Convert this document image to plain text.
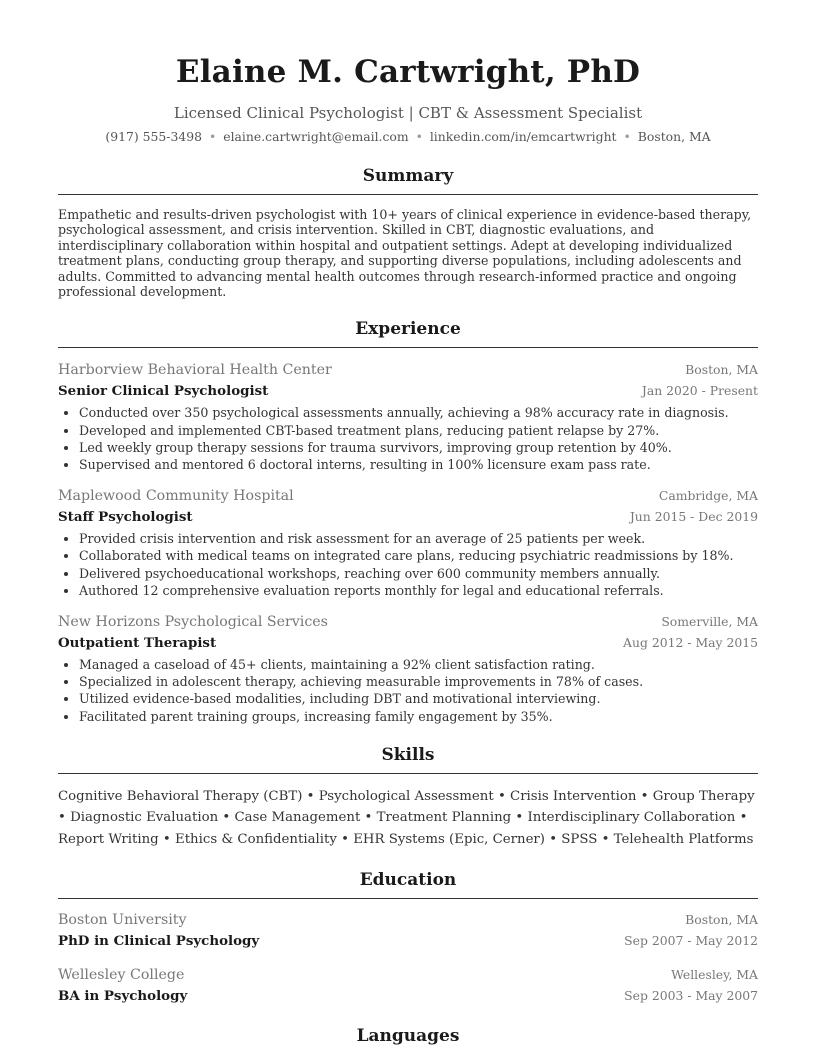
Elaine M. Cartwright, PhD
Licensed Clinical Psychologist | CBT & Assessment Specialist
(917) 555-3498 • elaine.cartwright@email.com • linkedin.com/in/emcartwright • Boston, MA
Summary
Empathetic and results-driven psychologist with 10+ years of clinical experience in evidence-based therapy, psychological assessment, and crisis intervention. Skilled in CBT, diagnostic evaluations, and interdisciplinary collaboration within hospital and outpatient settings. Adept at developing individualized treatment plans, conducting group therapy, and supporting diverse populations, including adolescents and adults. Committed to advancing mental health outcomes through research-informed practice and ongoing professional development.
Experience
Harborview Behavioral Health Center	Boston, MA
Senior Clinical Psychologist	Jan 2020 - Present
• Conducted over 350 psychological assessments annually, achieving a 98% accuracy rate in diagnosis.
• Developed and implemented CBT-based treatment plans, reducing patient relapse by 27%.
• Led weekly group therapy sessions for trauma survivors, improving group retention by 40%.
• Supervised and mentored 6 doctoral interns, resulting in 100% licensure exam pass rate.
Maplewood Community Hospital	Cambridge, MA
Staff Psychologist	Jun 2015 - Dec 2019
• Provided crisis intervention and risk assessment for an average of 25 patients per week.
• Collaborated with medical teams on integrated care plans, reducing psychiatric readmissions by 18%.
• Delivered psychoeducational workshops, reaching over 600 community members annually.
• Authored 12 comprehensive evaluation reports monthly for legal and educational referrals.
New Horizons Psychological Services	Somerville, MA
Outpatient Therapist	Aug 2012 - May 2015
• Managed a caseload of 45+ clients, maintaining a 92% client satisfaction rating.
• Specialized in adolescent therapy, achieving measurable improvements in 78% of cases.
• Utilized evidence-based modalities, including DBT and motivational interviewing.
• Facilitated parent training groups, increasing family engagement by 35%.
Skills
Cognitive Behavioral Therapy (CBT) • Psychological Assessment • Crisis Intervention • Group Therapy • Diagnostic Evaluation • Case Management • Treatment Planning • Interdisciplinary Collaboration • Report Writing • Ethics & Confidentiality • EHR Systems (Epic, Cerner) • SPSS • Telehealth Platforms
Education
Boston University	Boston, MA
PhD in Clinical Psychology	Sep 2007 - May 2012
Wellesley College	Wellesley, MA
BA in Psychology	Sep 2003 - May 2007
Languages
